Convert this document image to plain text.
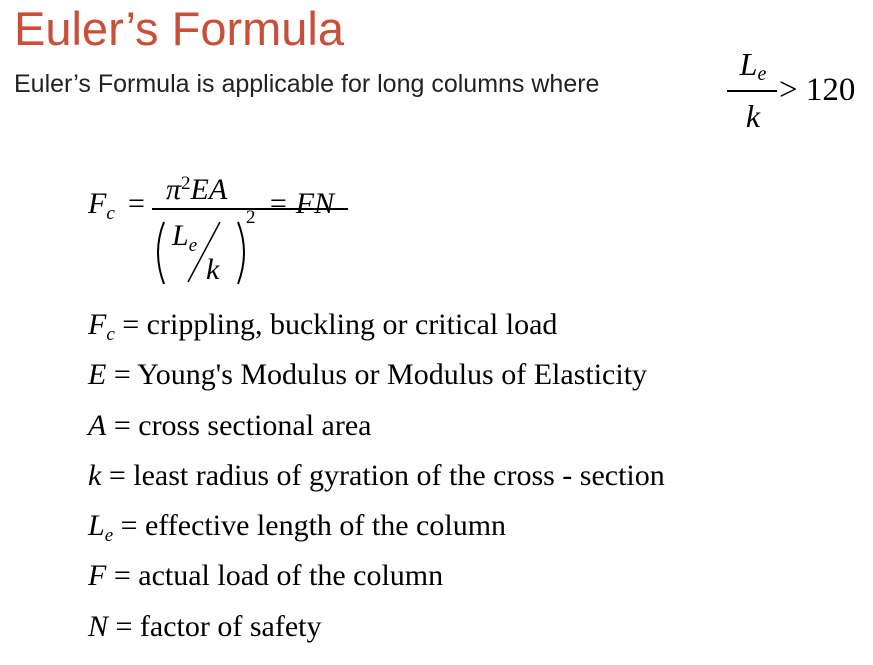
Euler’s Formula
Euler’s Formula is applicable for long columns where
$L_e$
k
> 120
$F_c = \pi^2EA$
$L_e$
k
2 = FN
$F_c$ = crippling, buckling or critical load
E = Young's Modulus or Modulus of Elasticity
A = cross sectional area
k = least radius of gyration of the cross - section
$L_e$ = effective length of the column
F = actual load of the column
N = factor of safety
